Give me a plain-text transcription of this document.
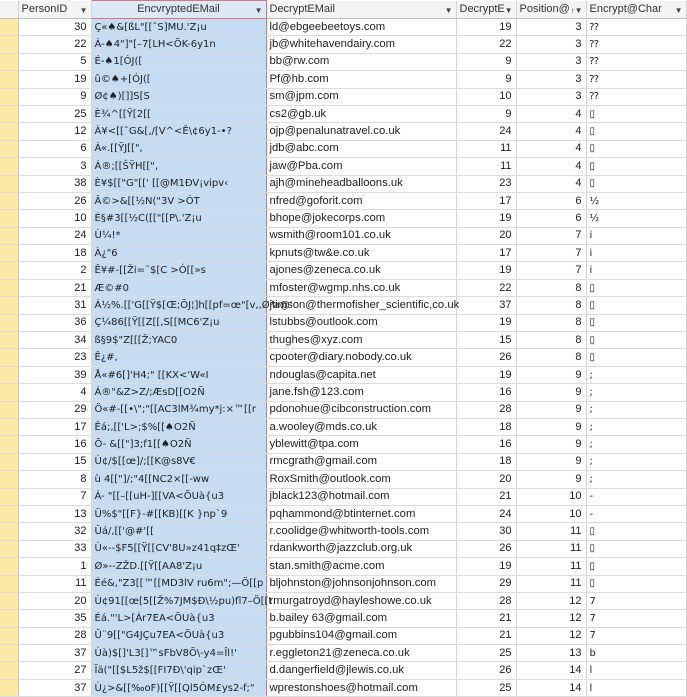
	PersonID ▼	EncvryptedEMail ▼	DecryptEMail ▼	DecryptE ▼	Position@ ↑▼	Encrypt@Char ▼

	30	Ç«♠&[ßL"[[ˆS]MU.'Z¡u	ld@ebgeebeetoys.com	19	3	⁇
	22	Á-♠4"]"[–7[LH<ÕK-6y1n	jb@whitehavendairy.com	22	3	⁇
	5	É-♠1[ÓJ([	bb@rw.com	9	3	⁇
	19	û©♠+[ÓJ([	Pf@hb.com	9	3	⁇
	9	Ø¢♠)[]]S[S	sm@jpm.com	10	3	⁇
	25	È¾^[[Ÿ[2[[	cs2@gb.uk	9	4	▯
	12	À¥<[[ˆG&[,/[V^<Ê\¢6y1-•?	ojp@penalunatravel.co.uk	24	4	▯
	6	Á«.[[ŸJ[[",	jdb@abc.com	11	4	▯
	3	Á®;[[ŠŸH[[",	jaw@Pba.com	11	4	▯
	38	È¥$[["G"[[' [[@M1ÐV¡vipv‹	ajh@mineheadballoons.uk	23	4	▯
	26	Â©>&[[½N("3V >ÓT	nfred@goforit.com	17	6	½
	10	É§#3[[½C([["[[P\.'Z¡u	bhope@jokecorps.com	19	6	½
	24	Ù¼!*	wsmith@room101.co.uk	20	7	i
	18	À¿"6	kpnuts@tw&e.co.uk	17	7	i
	2	Ê¥#-[[Ži=˜$[C >Ó[[»s	ajones@zeneca.co.uk	19	7	i
	21	Æ©#0	mfoster@wgmp.nhs.co.uk	22	8	▯
	31	Á½%.[['G[[Ÿ$[Œ;ÕJ¦]h[[pf=œ"[v,,Ø³a@'	jtimson@thermofisher_scientific,co.uk	37	8	▯
	36	Ç¼86[[Ÿ[[Z[[,S[[MC6'Z¡u	lstubbs@outlook.com	19	8	▯
	34	ß§9$"Z[[[Ž;YAC0	thughes@xyz.com	15	8	▯
	23	Ê¿#,	cpooter@diary.nobody.co.uk	26	8	▯
	39	Å«#6[]'H4;" [[KX<'W«I	ndouglas@capita.net	19	9	;
	4	Á®"&Z>Z/;ÆsD[[O2Ñ	jane.fsh@123.com	16	9	;
	29	Ö«#-[[•\";"[[AC3lM¾my*j:×™[[r	pdonohue@cibconstruction.com	28	9	;
	17	Êá;,[['L>;$%[[♠O2Ñ	a.wooley@mds.co.uk	18	9	;
	16	Õ- &[["]3;f1[[♠O2Ñ	yblewitt@tpa.com	16	9	;
	15	Ù¢/$[[œ]/;[[K@s8V€	rmcgrath@gmail.com	18	9	;
	8	ù 4[["]/;"4[[NC2×[[-ww	RoxSmith@outlook.com	20	9	;
	7	Á- "[[–[[uH-][[VA<ÕUà{u3	jblack123@hotmail.com	21	10	-
	13	Ü%$"[[F}-#[[KB)[[K }np`9	pqhammond@btinternet.com	24	10	-
	32	Ûá/,[['@#'[[	r.coolidge@whitworth-tools.com	30	11	▯
	33	Ù«--$F5[[Ÿ[[CV'8U»z41q‡zŒ'	rdankworth@jazzclub.org.uk	26	11	▯
	1	Ø»--ZŽD.[[Ÿ[[AA8'Z¡u	stan.smith@acme.com	19	11	▯
	11	Éé&,"Z3[[™[[MD3lV ru6m";—Ö[[p	bljohnston@johnsonjohnson.com	29	11	▯
	20	Ù¢91[[œ[5[[Ž%7JM$Ð\½pu)fî7–Ö[[t	rmurgatroyd@hayleshowe.co.uk	28	12	7
	35	Éá."'L>[Ár7EA<ÕUà{u3	b.bailey 63@gmail.com	21	12	7
	28	Û¨9[["G4JÇu7EA<ÕUà{u3	pgubbins104@gmail.com	21	12	7
	37	Ùà)$[]'L3[]™sFbV8Õ\-y4=Îl!'	r.eggleton21@zeneca.co.uk	25	13	b
	27	Ïä("[[$L5ž$[[FI7Ð\'qip`zŒ'	d.dangerfield@jlewis.co.uk	26	14	l
	37	Ù¿>&[[‰oF)[[Ÿ[[Ql5ÓM£ys2-f;"	wprestonshoes@hotmail.com	25	14	l
